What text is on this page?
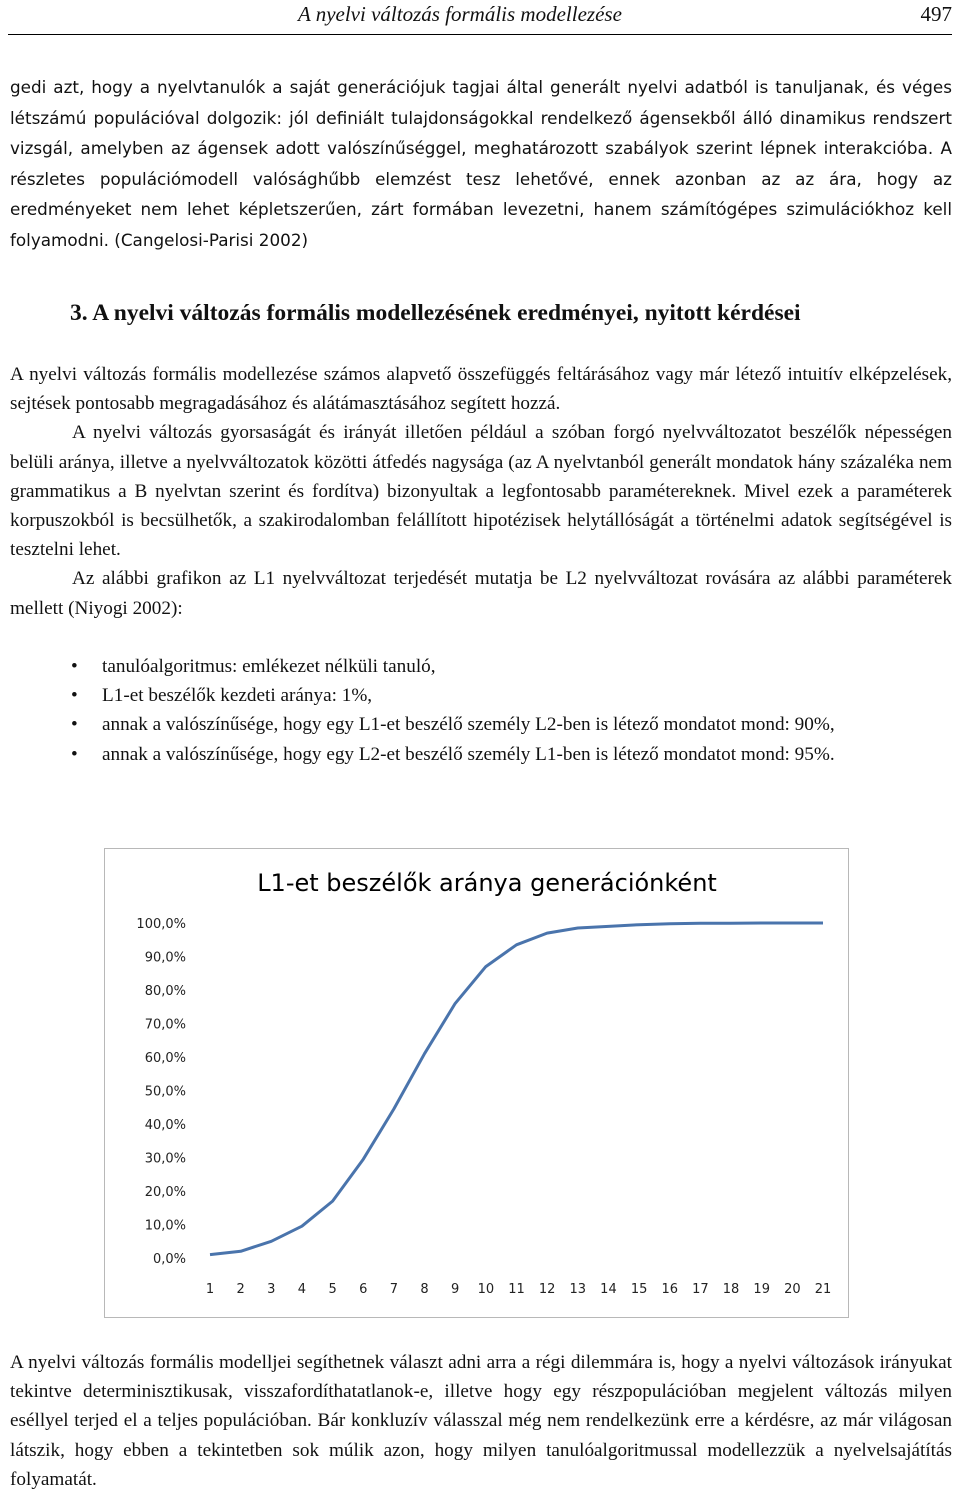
A nyelvi változás formális modellezése	497

gedi azt, hogy a nyelvtanulók a saját generációjuk tagjai által generált nyelvi adatból is tanuljanak, és véges létszámú populációval dolgozik: jól definiált tulajdonságokkal rendelkező ágensekből álló dinamikus rendszert vizsgál, amelyben az ágensek adott valószínűséggel, meghatározott szabályok szerint lépnek interakcióba. A részletes populációmodell valósághűbb elemzést tesz lehetővé, ennek azonban az az ára, hogy az eredményeket nem lehet képletszerűen, zárt formában levezetni, hanem számítógépes szimulációkhoz kell folyamodni. (Cangelosi-Parisi 2002)

3. A nyelvi változás formális modellezésének eredményei, nyitott kérdései

A nyelvi változás formális modellezése számos alapvető összefüggés feltárásához vagy már létező intuitív elképzelések, sejtések pontosabb megragadásához és alátámasztásához segített hozzá.

A nyelvi változás gyorsaságát és irányát illetően például a szóban forgó nyelvváltozatot beszélők népességen belüli aránya, illetve a nyelvváltozatok közötti átfedés nagysága (az A nyelvtanból generált mondatok hány százaléka nem grammatikus a B nyelvtan szerint és fordítva) bizonyultak a legfontosabb paramétereknek. Mivel ezek a paraméterek korpuszokból is becsülhetők, a szakirodalomban felállított hipotézisek helytállóságát a történelmi adatok segítségével is tesztelni lehet.

Az alábbi grafikon az L1 nyelvváltozat terjedését mutatja be L2 nyelvváltozat rovására az alábbi paraméterek mellett (Niyogi 2002):

• tanulóalgoritmus: emlékezet nélküli tanuló,
• L1-et beszélők kezdeti aránya: 1%,
• annak a valószínűsége, hogy egy L1-et beszélő személy L2-ben is létező mondatot mond: 90%,
• annak a valószínűsége, hogy egy L2-et beszélő személy L1-ben is létező mondatot mond: 95%.
L1-et beszélők aránya generációnként
0,0%
10,0%
20,0%
30,0%
40,0%
50,0%
60,0%
70,0%
80,0%
90,0%
100,0%
1 2 3 4 5 6 7 8 9 10 11 12 13 14 15 16 17 18 19 20 21

A nyelvi változás formális modelljei segíthetnek választ adni arra a régi dilemmára is, hogy a nyelvi változások irányukat tekintve determinisztikusak, visszafordíthatatlanok-e, illetve hogy egy részpopulációban megjelent változás milyen eséllyel terjed el a teljes populációban. Bár konkluzív válasszal még nem rendelkezünk erre a kérdésre, az már világosan látszik, hogy ebben a tekintetben sok múlik azon, hogy milyen tanulóalgoritmussal modellezzük a nyelvelsajátítás folyamatát.
